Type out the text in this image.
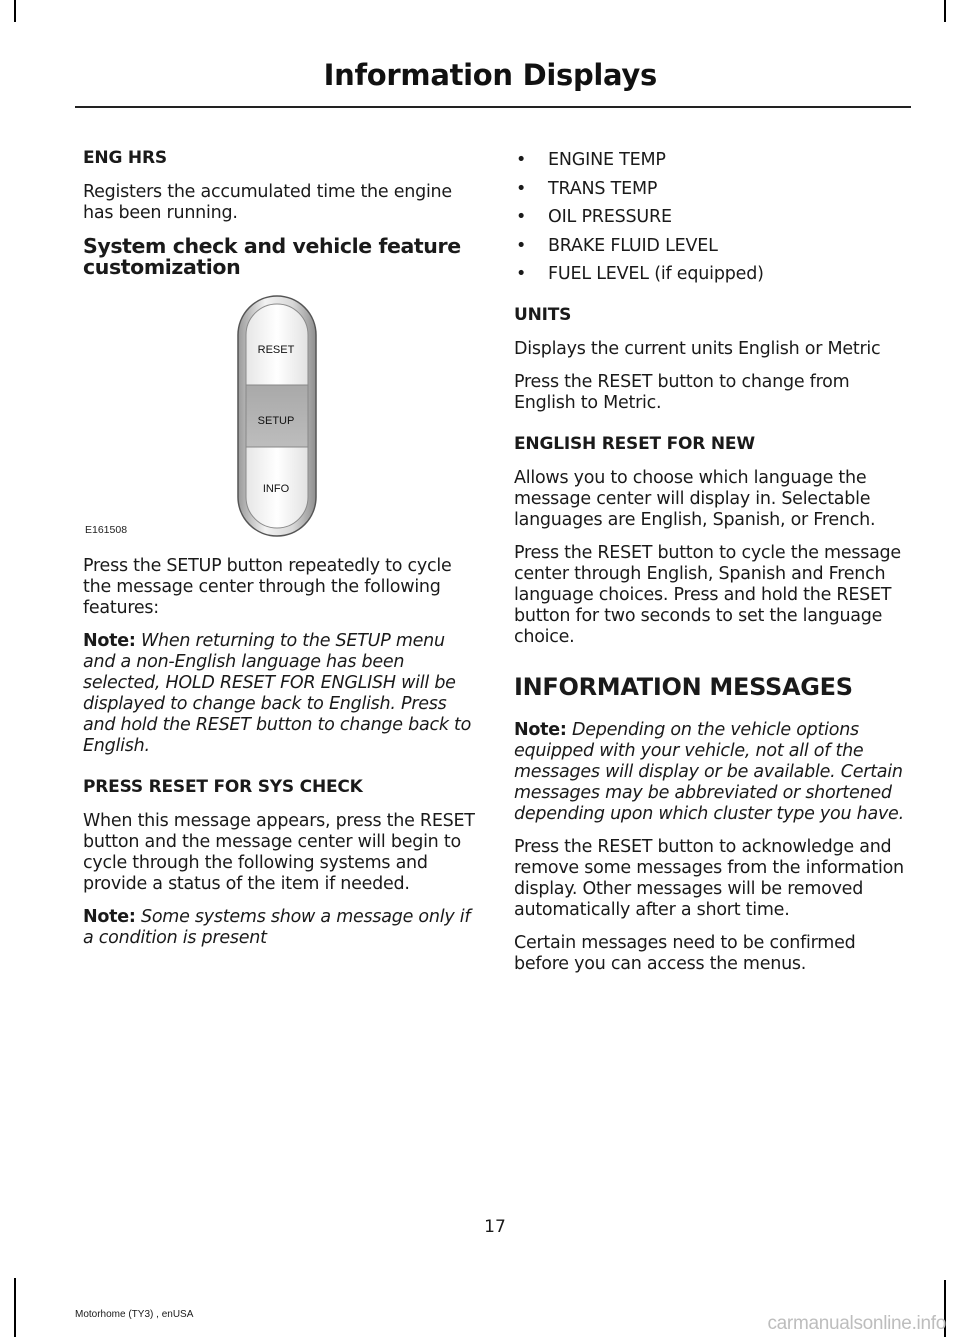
Information Displays
ENG HRS

Registers the accumulated time the engine has been running.

System check and vehicle feature customization
RESET
SETUP
INFO
E161508

Press the SETUP button repeatedly to cycle the message center through the following features:

Note: When returning to the SETUP menu and a non-English language has been selected, HOLD RESET FOR ENGLISH will be displayed to change back to English. Press and hold the RESET button to change back to English.

PRESS RESET FOR SYS CHECK

When this message appears, press the RESET button and the message center will begin to cycle through the following systems and provide a status of the item if needed.

Note: Some systems show a message only if a condition is present

• ENGINE TEMP
• TRANS TEMP
• OIL PRESSURE
• BRAKE FLUID LEVEL
• FUEL LEVEL (if equipped)
UNITS

Displays the current units English or Metric

Press the RESET button to change from English to Metric.

ENGLISH RESET FOR NEW

Allows you to choose which language the message center will display in. Selectable languages are English, Spanish, or French.

Press the RESET button to cycle the message center through English, Spanish and French language choices. Press and hold the RESET button for two seconds to set the language choice.

INFORMATION MESSAGES

Note: Depending on the vehicle options equipped with your vehicle, not all of the messages will display or be available. Certain messages may be abbreviated or shortened depending upon which cluster type you have.

Press the RESET button to acknowledge and remove some messages from the information display. Other messages will be removed automatically after a short time.

Certain messages need to be confirmed before you can access the menus.

17
Motorhome (TY3) , enUSA	carmanualsonline.info
